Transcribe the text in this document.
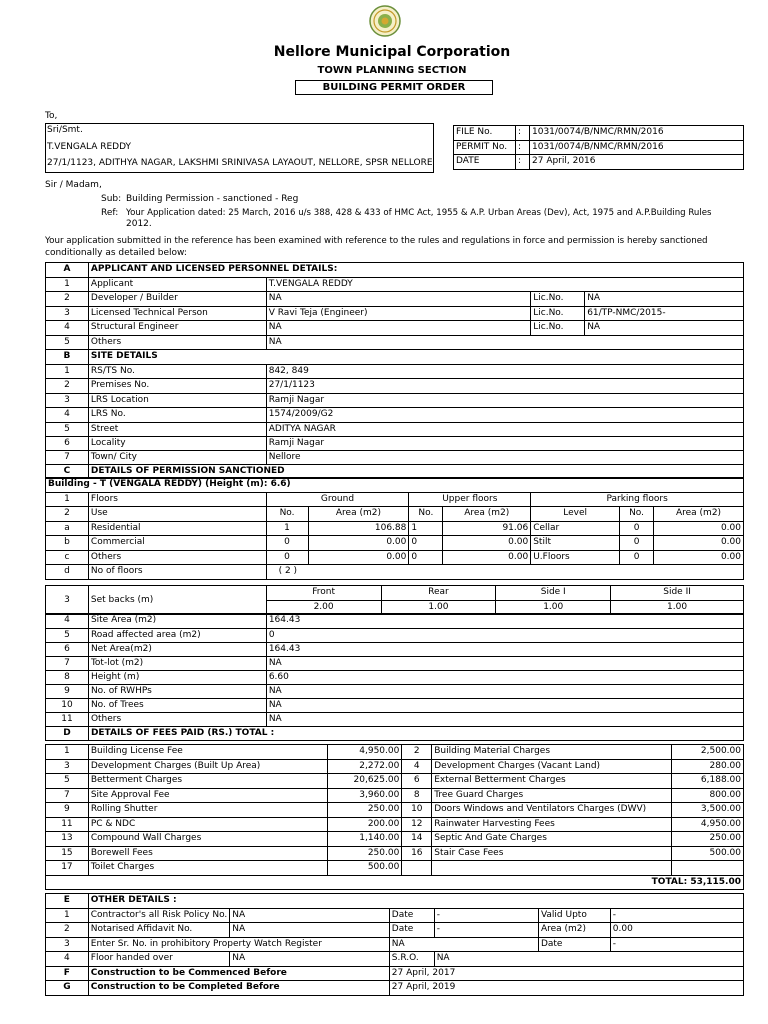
Nellore Municipal Corporation
TOWN PLANNING SECTION
BUILDING PERMIT ORDER
To,
Sri/Smt.
T.VENGALA REDDY
27/1/1123, ADITHYA NAGAR, LAKSHMI SRINIVASA LAYAOUT, NELLORE, SPSR NELLORE
FILE No.	:	1031/0074/B/NMC/RMN/2016
PERMIT No.	:	1031/0074/B/NMC/RMN/2016
DATE	:	27 April, 2016
Sir / Madam,
Sub: Building Permission - sanctioned - Reg
Ref: Your Application dated: 25 March, 2016 u/s 388, 428 & 433 of HMC Act, 1955 & A.P. Urban Areas (Dev), Act, 1975 and A.P.Building Rules
2012.
Your application submitted in the reference has been examined with reference to the rules and regulations in force and permission is hereby sanctioned
conditionally as detailed below:
A	APPLICANT AND LICENSED PERSONNEL DETAILS:			
1	Applicant	T.VENGALA REDDY		
2	Developer / Builder	NA	Lic.No.	NA
3	Licensed Technical Person	V Ravi Teja (Engineer)	Lic.No.	61/TP-NMC/2015-
4	Structural Engineer	NA	Lic.No.	NA
5	Others	NA		
B	SITE DETAILS			
1	RS/TS No.	842, 849		
2	Premises No.	27/1/1123		
3	LRS Location	Ramji Nagar		
4	LRS No.	1574/2009/G2		
5	Street	ADITYA NAGAR		
6	Locality	Ramji Nagar		
7	Town/ City	Nellore		
C	DETAILS OF PERMISSION SANCTIONED			
Building - T (VENGALA REDDY) (Height (m): 6.6)								
1	Floors	Ground		Upper floors		Parking floors		
2	Use	No.	Area (m2)	No.	Area (m2)	Level	No.	Area (m2)
a	Residential	1	106.88	1	91.06	Cellar	0	0.00
b	Commercial	0	0.00	0	0.00	Stilt	0	0.00
c	Others	0	0.00	0	0.00	U.Floors	0	0.00
d	No of floors	( 2 )						
3	Set backs (m)	Front	Rear	Side I	Side II
		2.00	1.00	1.00	1.00
4	Site Area (m2)	164.43
5	Road affected area (m2)	0
6	Net Area(m2)	164.43
7	Tot-lot (m2)	NA
8	Height (m)	6.60
9	No. of RWHPs	NA
10	No. of Trees	NA
11	Others	NA
D	DETAILS OF FEES PAID (RS.) TOTAL :	
1	Building License Fee	4,950.00	2	Building Material Charges	2,500.00
3	Development Charges (Built Up Area)	2,272.00	4	Development Charges (Vacant Land)	280.00
5	Betterment Charges	20,625.00	6	External Betterment Charges	6,188.00
7	Site Approval Fee	3,960.00	8	Tree Guard Charges	800.00
9	Rolling Shutter	250.00	10	Doors Windows and Ventilators Charges (DWV)	3,500.00
11	PC & NDC	200.00	12	Rainwater Harvesting Fees	4,950.00
13	Compound Wall Charges	1,140.00	14	Septic And Gate Charges	250.00
15	Borewell Fees	250.00	16	Stair Case Fees	500.00
17	Toilet Charges	500.00			
TOTAL: 53,115.00					
E	OTHER DETAILS :					
1	Contractor's all Risk Policy No.	NA	Date	-	Valid Upto	-
2	Notarised Affidavit No.	NA	Date	-	Area (m2)	0.00
3	Enter Sr. No. in prohibitory Property Watch Register		NA		Date	-
4	Floor handed over	NA	S.R.O.	NA		
F	Construction to be Commenced Before		27 April, 2017			
G	Construction to be Completed Before		27 April, 2019			
